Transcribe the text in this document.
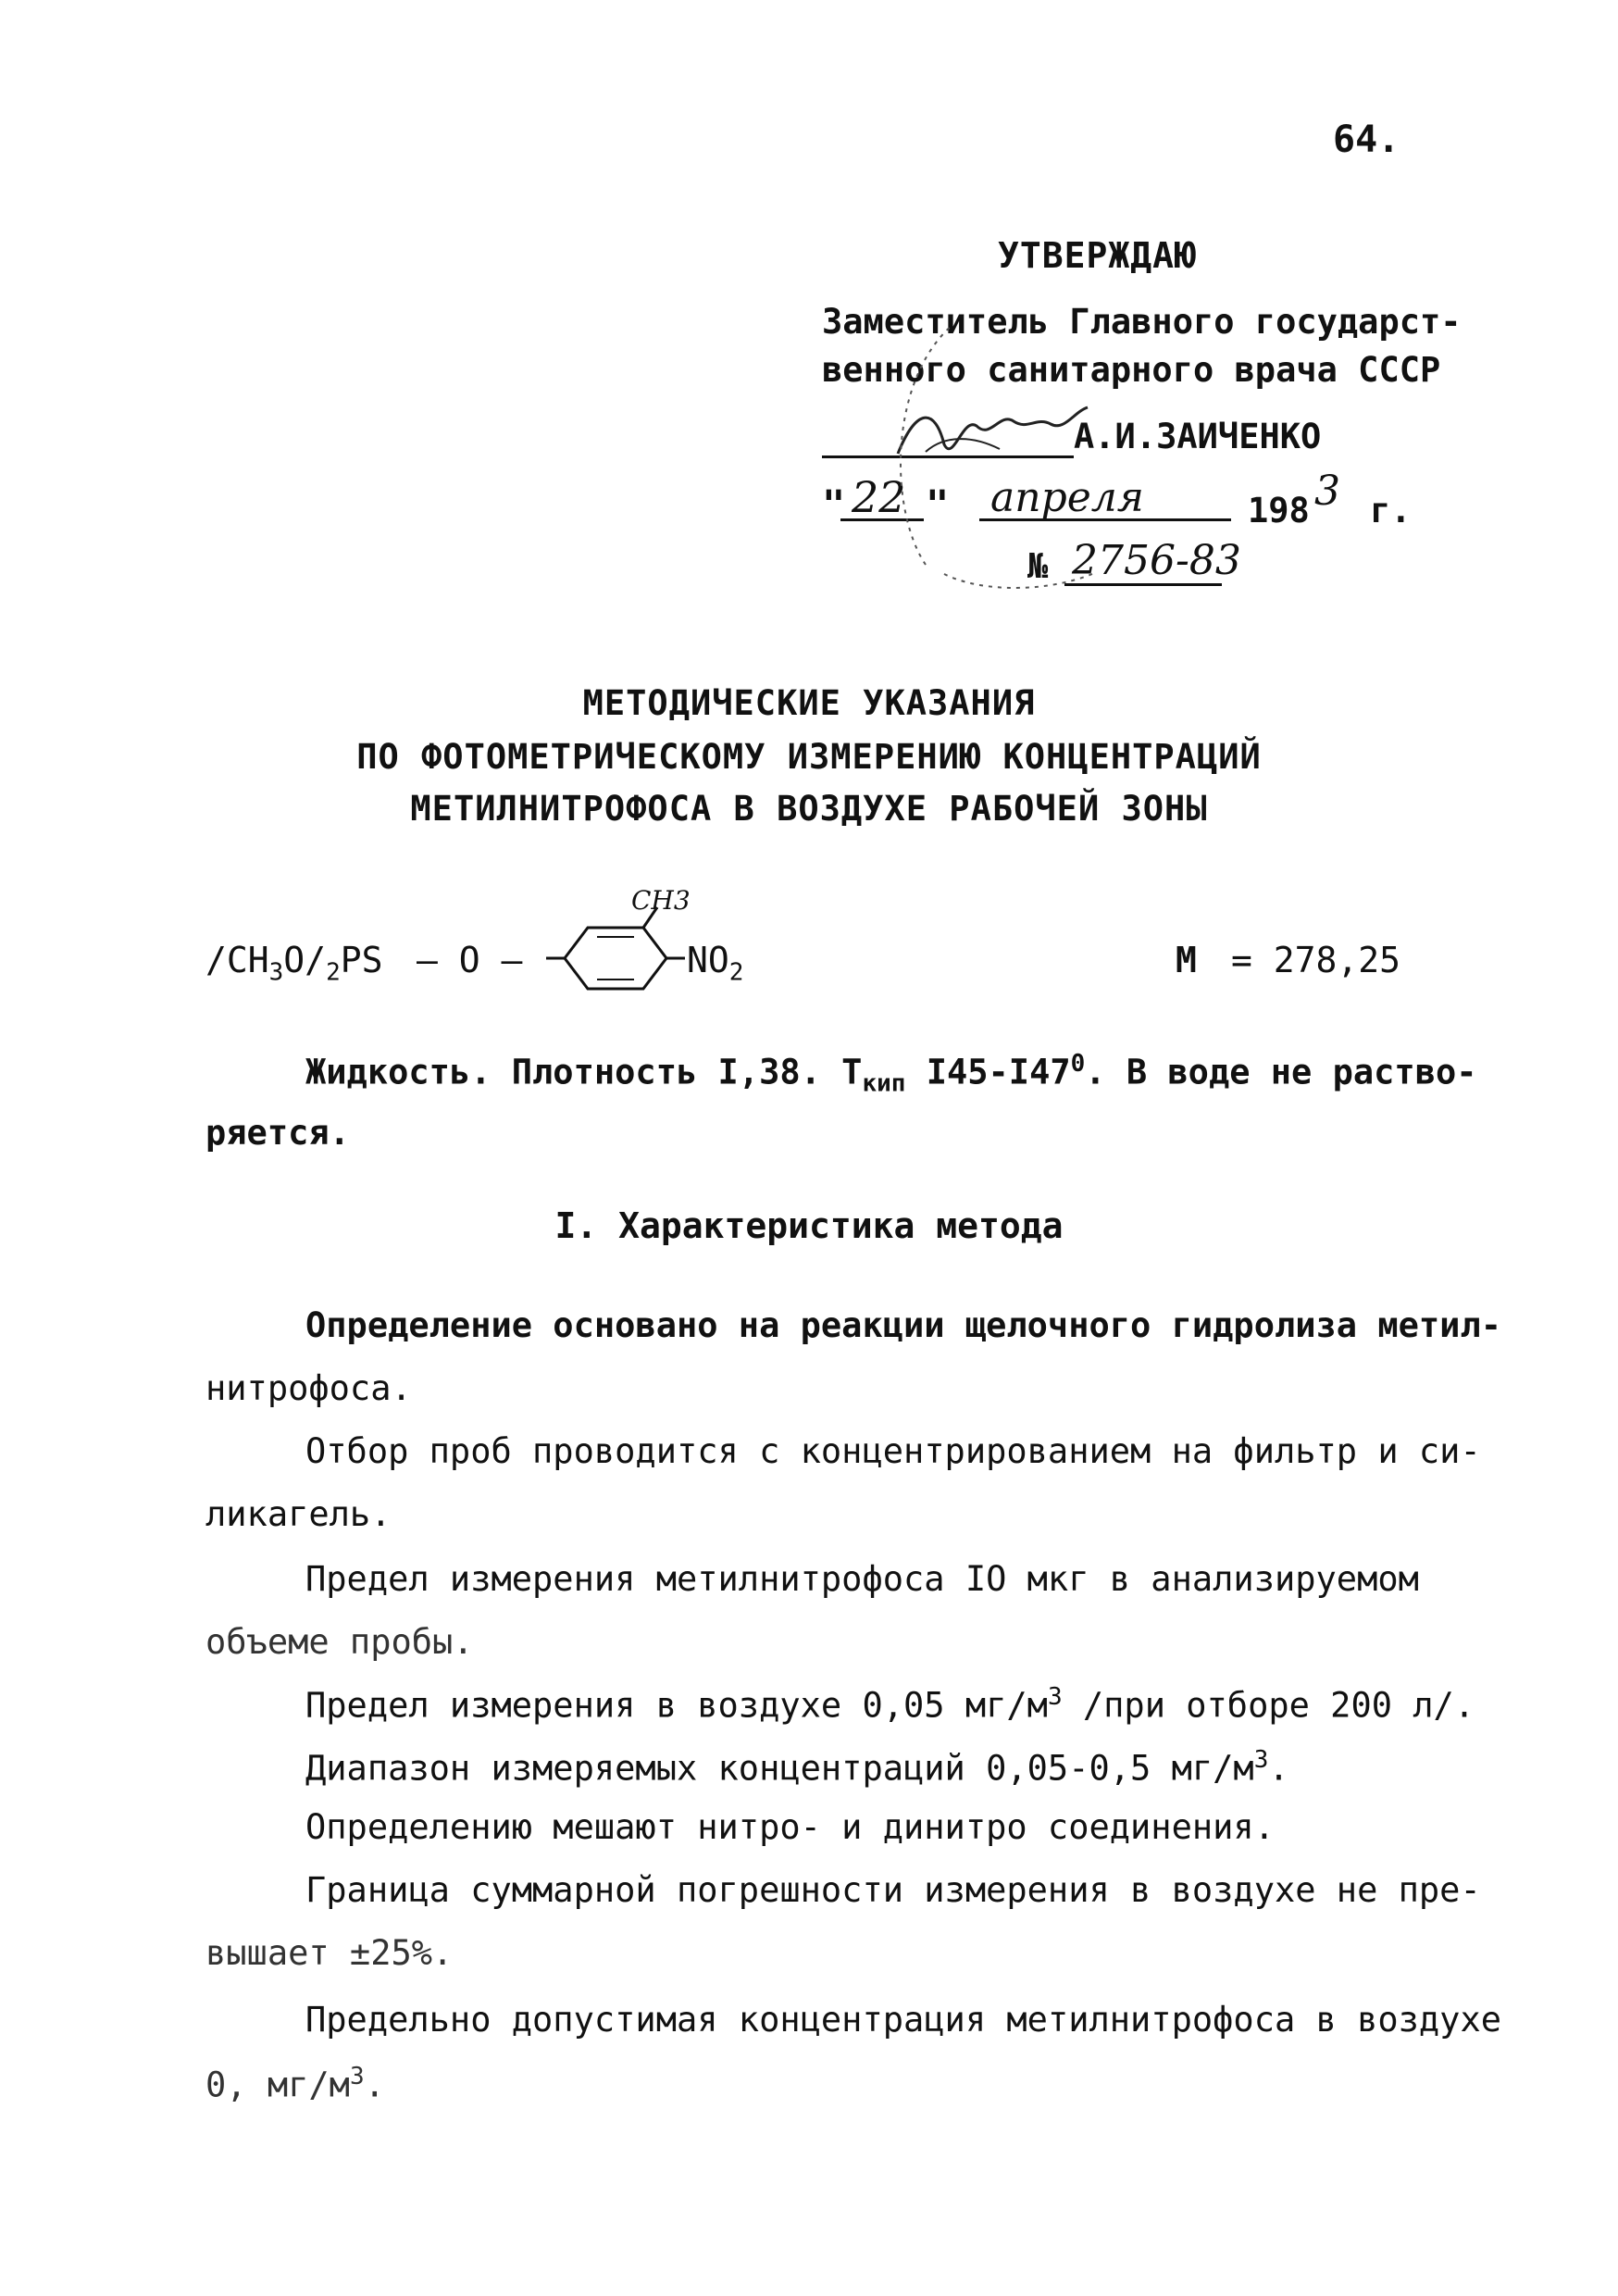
64.
УТВЕРЖДАЮ
Заместитель Главного государст-
венного санитарного врача СССР
А.И.ЗАИЧЕНКО
" 22 " апреля	198 3 г.
№ 2756-83
МЕТОДИЧЕСКИЕ УКАЗАНИЯ
ПО ФОТОМЕТРИЧЕСКОМУ ИЗМЕРЕНИЮ КОНЦЕНТРАЦИЙ
МЕТИЛНИТРОФОСА В ВОЗДУХЕ РАБОЧЕЙ ЗОНЫ
$/CH_3O/_2PS$ — O —
CH3
$NO_2$	M = 278,25
Жидкость. Плотность I,38. $Т_{кип}$ $I45-I47^0$. В воде не раство-
ряется.
I. Характеристика метода
Определение основано на реакции щелочного гидролиза метил-
нитрофоса.
Отбор проб проводится с концентрированием на фильтр и си-
ликагель.
Предел измерения метилнитрофоса IO мкг в анализируемом
объеме пробы.
Предел измерения в воздухе 0,05 $мг/м^3$ /при отборе 200 л/.
Диапазон измеряемых концентраций 0,05-0,5 $мг/м^3$.
Определению мешают нитро- и динитро соединения.
Граница суммарной погрешности измерения в воздухе не пре-
вышает ±25%.
Предельно допустимая концентрация метилнитрофоса в воздухе
0, $мг/м^3$.
